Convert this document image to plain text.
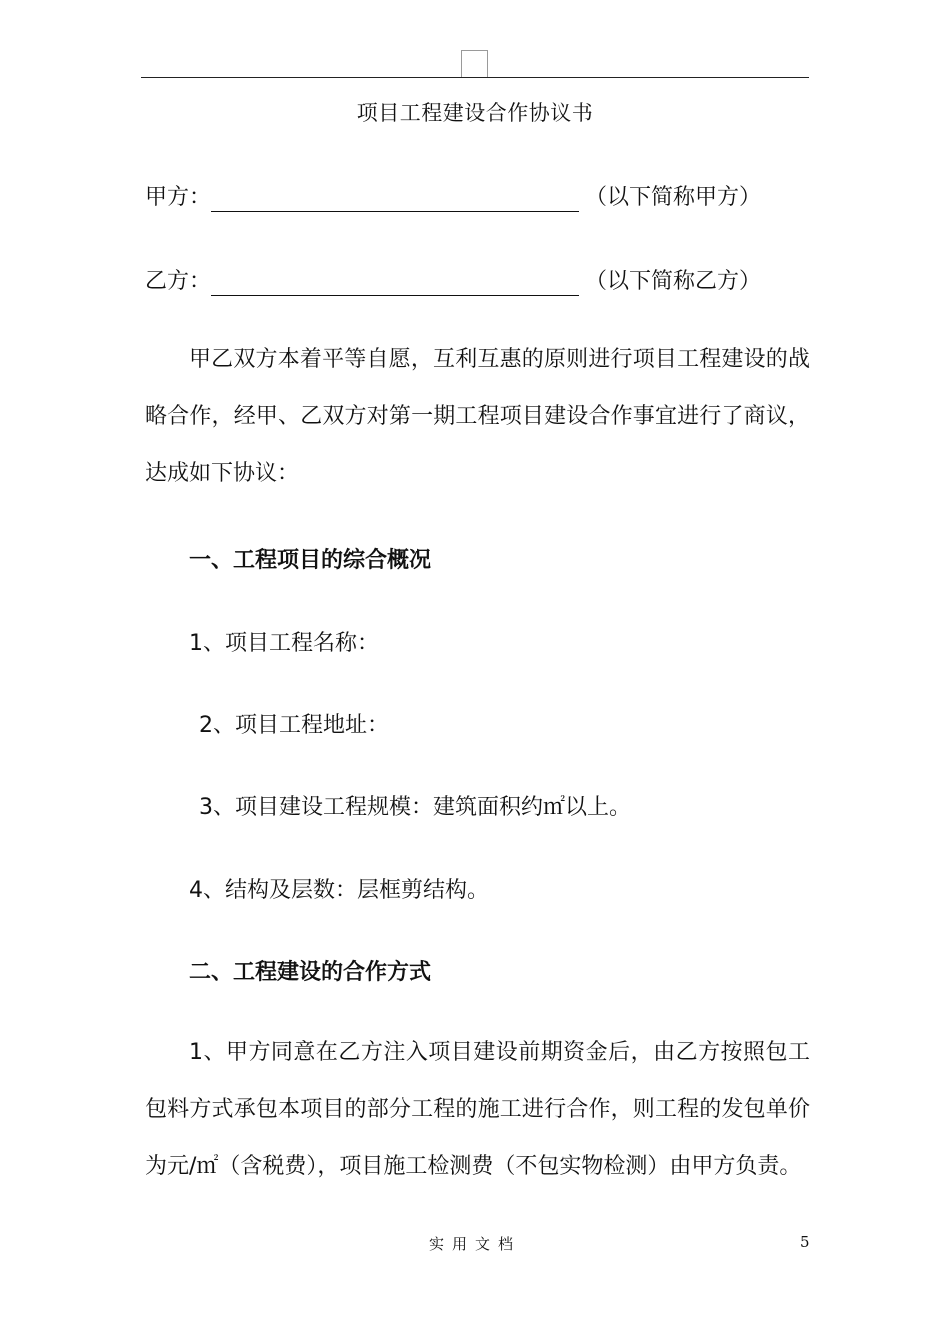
项目工程建设合作协议书
甲方：	（以下简称甲方）
乙方：	（以下简称乙方）
甲乙双方本着平等自愿，互利互惠的原则进行项目工程建设的战略合作，经甲、乙双方对第一期工程项目建设合作事宜进行了商议，达成如下协议：
一、工程项目的综合概况
1、项目工程名称：
2、项目工程地址：
3、项目建设工程规模：建筑面积约㎡以上。
4、结构及层数：层框剪结构。
二、工程建设的合作方式
1、甲方同意在乙方注入项目建设前期资金后，由乙方按照包工包料方式承包本项目的部分工程的施工进行合作，则工程的发包单价为元/㎡（含税费），项目施工检测费（不包实物检测）由甲方负责。
实用文档	5
